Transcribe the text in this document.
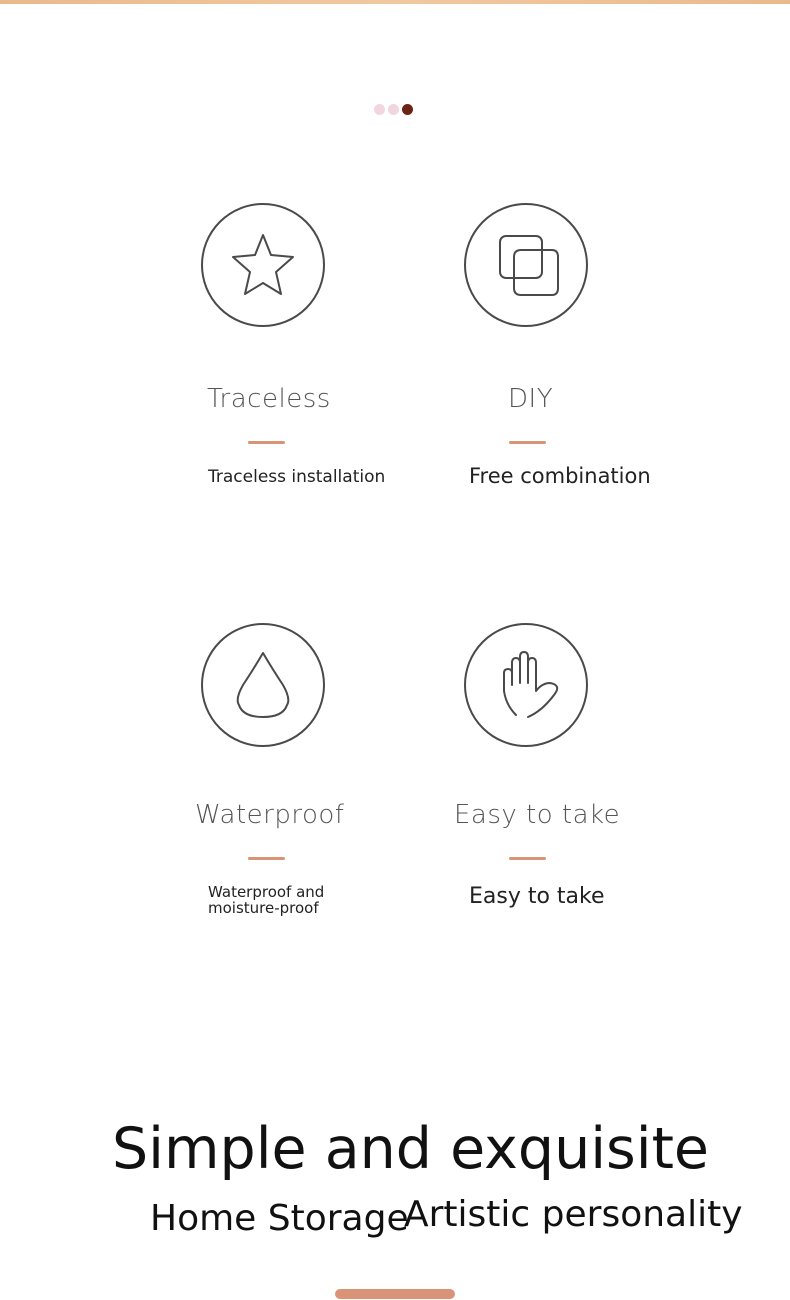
Traceless
Traceless installation
DIY
Free combination
Waterproof
Waterproof and
moisture-proof
Easy to take
Easy to take
Simple and exquisite
Home Storage
Artistic personality
